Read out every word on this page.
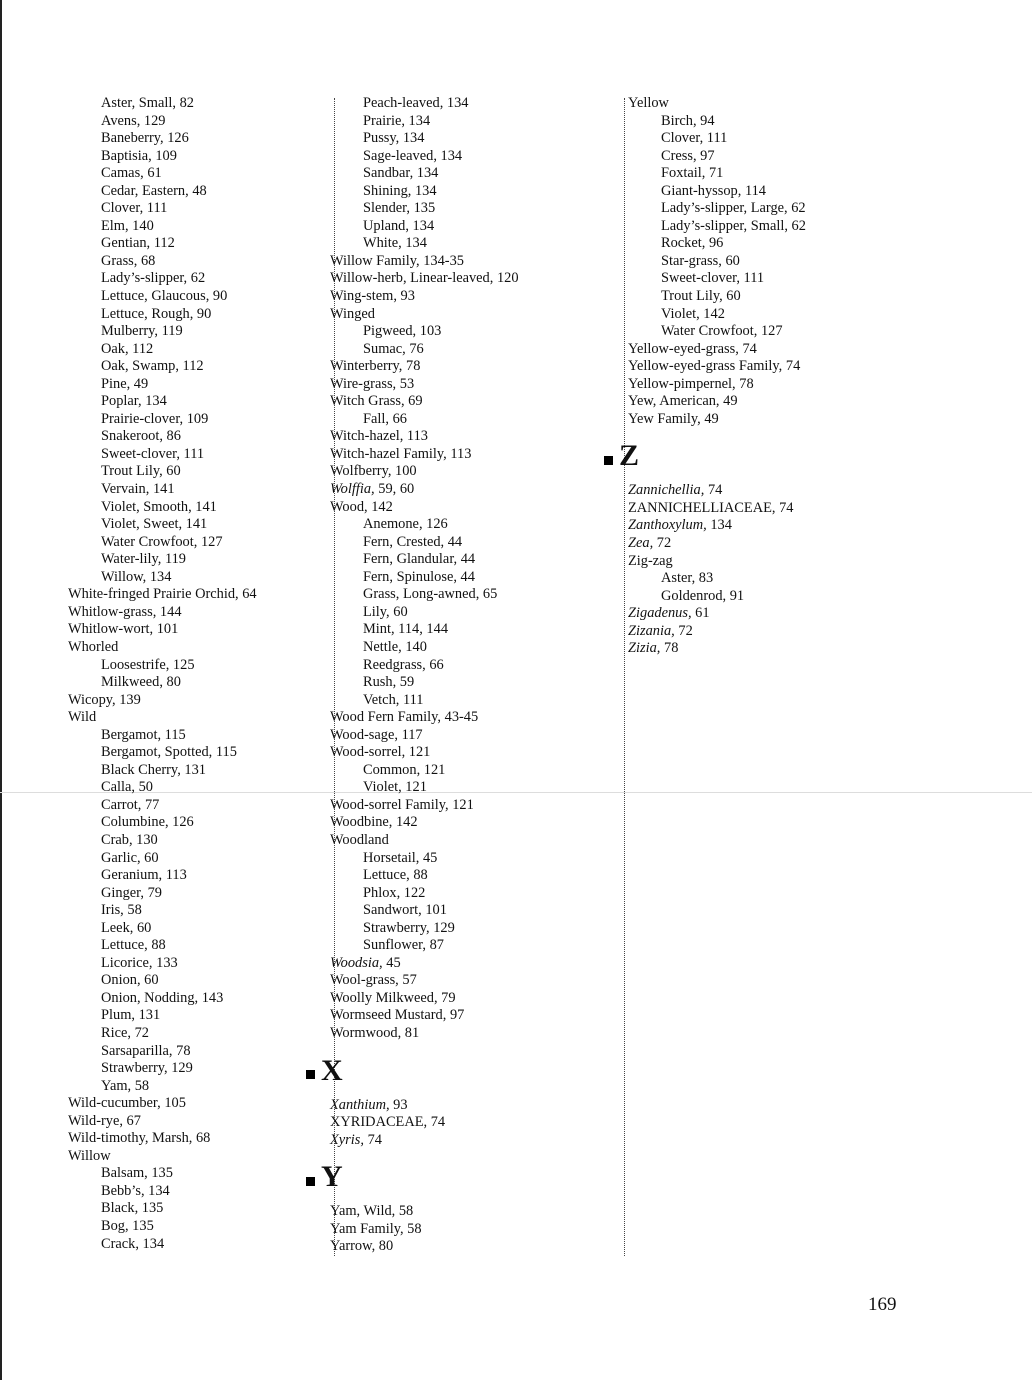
Aster, Small, 82
Avens, 129
Baneberry, 126
Baptisia, 109
Camas, 61
Cedar, Eastern, 48
Clover, 111
Elm, 140
Gentian, 112
Grass, 68
Lady’s-slipper, 62
Lettuce, Glaucous, 90
Lettuce, Rough, 90
Mulberry, 119
Oak, 112
Oak, Swamp, 112
Pine, 49
Poplar, 134
Prairie-clover, 109
Snakeroot, 86
Sweet-clover, 111
Trout Lily, 60
Vervain, 141
Violet, Smooth, 141
Violet, Sweet, 141
Water Crowfoot, 127
Water-lily, 119
Willow, 134
White-fringed Prairie Orchid, 64
Whitlow-grass, 144
Whitlow-wort, 101
Whorled
Loosestrife, 125
Milkweed, 80
Wicopy, 139
Wild
Bergamot, 115
Bergamot, Spotted, 115
Black Cherry, 131
Calla, 50
Carrot, 77
Columbine, 126
Crab, 130
Garlic, 60
Geranium, 113
Ginger, 79
Iris, 58
Leek, 60
Lettuce, 88
Licorice, 133
Onion, 60
Onion, Nodding, 143
Plum, 131
Rice, 72
Sarsaparilla, 78
Strawberry, 129
Yam, 58
Wild-cucumber, 105
Wild-rye, 67
Wild-timothy, Marsh, 68
Willow
Balsam, 135
Bebb’s, 134
Black, 135
Bog, 135
Crack, 134
Peach-leaved, 134
Prairie, 134
Pussy, 134
Sage-leaved, 134
Sandbar, 134
Shining, 134
Slender, 135
Upland, 134
White, 134
Willow Family, 134-35
Willow-herb, Linear-leaved, 120
Wing-stem, 93
Winged
Pigweed, 103
Sumac, 76
Winterberry, 78
Wire-grass, 53
Witch Grass, 69
Fall, 66
Witch-hazel, 113
Witch-hazel Family, 113
Wolfberry, 100
Wolffia, 59, 60
Wood, 142
Anemone, 126
Fern, Crested, 44
Fern, Glandular, 44
Fern, Spinulose, 44
Grass, Long-awned, 65
Lily, 60
Mint, 114, 144
Nettle, 140
Reedgrass, 66
Rush, 59
Vetch, 111
Wood Fern Family, 43-45
Wood-sage, 117
Wood-sorrel, 121
Common, 121
Violet, 121
Wood-sorrel Family, 121
Woodbine, 142
Woodland
Horsetail, 45
Lettuce, 88
Phlox, 122
Sandwort, 101
Strawberry, 129
Sunflower, 87
Woodsia, 45
Wool-grass, 57
Woolly Milkweed, 79
Wormseed Mustard, 97
Wormwood, 81
X
Xanthium, 93
XYRIDACEAE, 74
Xyris, 74
Y
Yam, Wild, 58
Yam Family, 58
Yarrow, 80
Yellow
Birch, 94
Clover, 111
Cress, 97
Foxtail, 71
Giant-hyssop, 114
Lady’s-slipper, Large, 62
Lady’s-slipper, Small, 62
Rocket, 96
Star-grass, 60
Sweet-clover, 111
Trout Lily, 60
Violet, 142
Water Crowfoot, 127
Yellow-eyed-grass, 74
Yellow-eyed-grass Family, 74
Yellow-pimpernel, 78
Yew, American, 49
Yew Family, 49
Z
Zannichellia, 74
ZANNICHELLIACEAE, 74
Zanthoxylum, 134
Zea, 72
Zig-zag
Aster, 83
Goldenrod, 91
Zigadenus, 61
Zizania, 72
Zizia, 78
169
